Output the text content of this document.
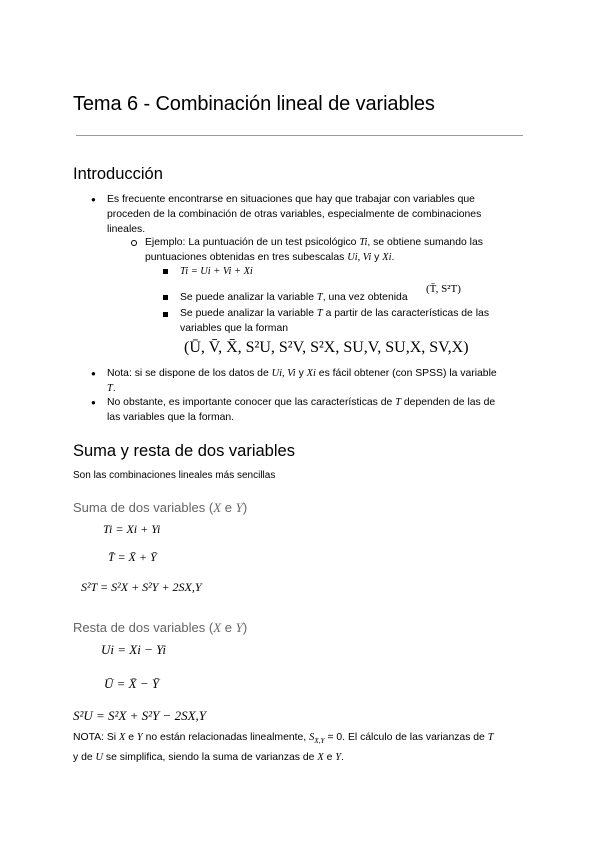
Tema 6 - Combinación lineal de variables
Introducción
● Es frecuente encontrarse en situaciones que hay que trabajar con variables que
proceden de la combinación de otras variables, especialmente de combinaciones
lineales.
Ejemplo: La puntuación de un test psicológico Ti, se obtiene sumando las
puntuaciones obtenidas en tres subescalas Ui, Vi y Xi.
Ti = Ui + Vi + Xi
Se puede analizar la variable T, una vez obtenida
(T̄, S²T)
Se puede analizar la variable T a partir de las características de las
variables que la forman
(Ū, V̄, X̄, S²U, S²V, S²X, SU,V, SU,X, SV,X)
● Nota: si se dispone de los datos de Ui, Vi y Xi es fácil obtener (con SPSS) la variable
T.
● No obstante, es importante conocer que las características de T dependen de las de
las variables que la forman.
Suma y resta de dos variables
Son las combinaciones lineales más sencillas
Suma de dos variables (X e Y)
Ti = Xi + Yi
T̄ = X̄ + Ȳ
S²T = S²X + S²Y + 2SX,Y
Resta de dos variables (X e Y)
Ui = Xi − Yi
Ū = X̄ − Ȳ
S²U = S²X + S²Y − 2SX,Y
NOTA: Si X e Y no están relacionadas linealmente, $S_{X,Y} = 0$. El cálculo de las varianzas de T
y de U se simplifica, siendo la suma de varianzas de X e Y.
